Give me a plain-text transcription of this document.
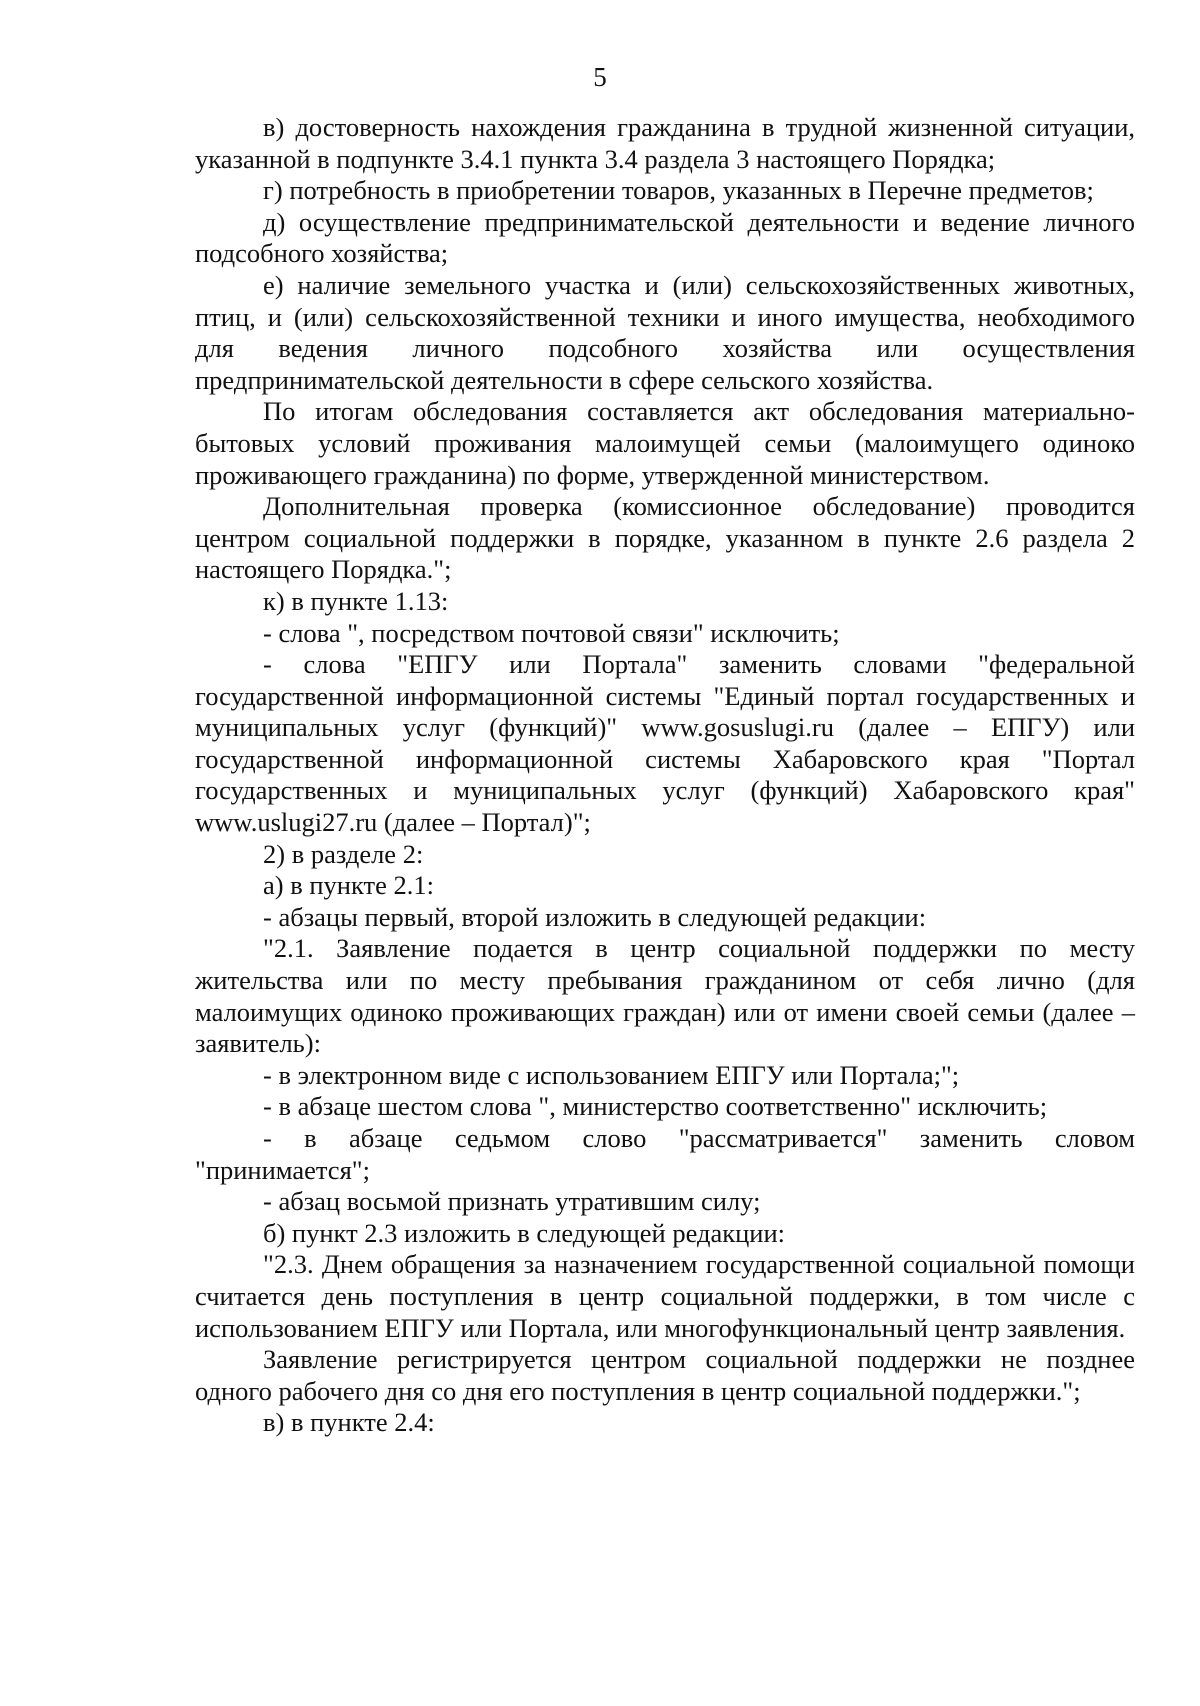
5

в) достоверность нахождения гражданина в трудной жизненной ситуации, указанной в подпункте 3.4.1 пункта 3.4 раздела 3 настоящего Порядка;

г) потребность в приобретении товаров, указанных в Перечне предметов;

д) осуществление предпринимательской деятельности и ведение личного подсобного хозяйства;

е) наличие земельного участка и (или) сельскохозяйственных животных, птиц, и (или) сельскохозяйственной техники и иного имущества, необходимого для ведения личного подсобного хозяйства или осуществления предпринимательской деятельности в сфере сельского хозяйства.

По итогам обследования составляется акт обследования материально-бытовых условий проживания малоимущей семьи (малоимущего одиноко проживающего гражданина) по форме, утвержденной министерством.

Дополнительная проверка (комиссионное обследование) проводится центром социальной поддержки в порядке, указанном в пункте 2.6 раздела 2 настоящего Порядка.";

к) в пункте 1.13:

- слова ", посредством почтовой связи" исключить;

- слова "ЕПГУ или Портала" заменить словами "федеральной государственной информационной системы "Единый портал государственных и муниципальных услуг (функций)" www.gosuslugi.ru (далее – ЕПГУ) или государственной информационной системы Хабаровского края "Портал государственных и муниципальных услуг (функций) Хабаровского края" www.uslugi27.ru (далее – Портал)";

2) в разделе 2:

а) в пункте 2.1:

- абзацы первый, второй изложить в следующей редакции:

"2.1. Заявление подается в центр социальной поддержки по месту жительства или по месту пребывания гражданином от себя лично (для малоимущих одиноко проживающих граждан) или от имени своей семьи (далее – заявитель):

- в электронном виде с использованием ЕПГУ или Портала;";

- в абзаце шестом слова ", министерство соответственно" исключить;

- в абзаце седьмом слово "рассматривается" заменить словом "принимается";

- абзац восьмой признать утратившим силу;

б) пункт 2.3 изложить в следующей редакции:

"2.3. Днем обращения за назначением государственной социальной помощи считается день поступления в центр социальной поддержки, в том числе с использованием ЕПГУ или Портала, или многофункциональный центр заявления.

Заявление регистрируется центром социальной поддержки не позднее одного рабочего дня со дня его поступления в центр социальной поддержки.";

в) в пункте 2.4:
